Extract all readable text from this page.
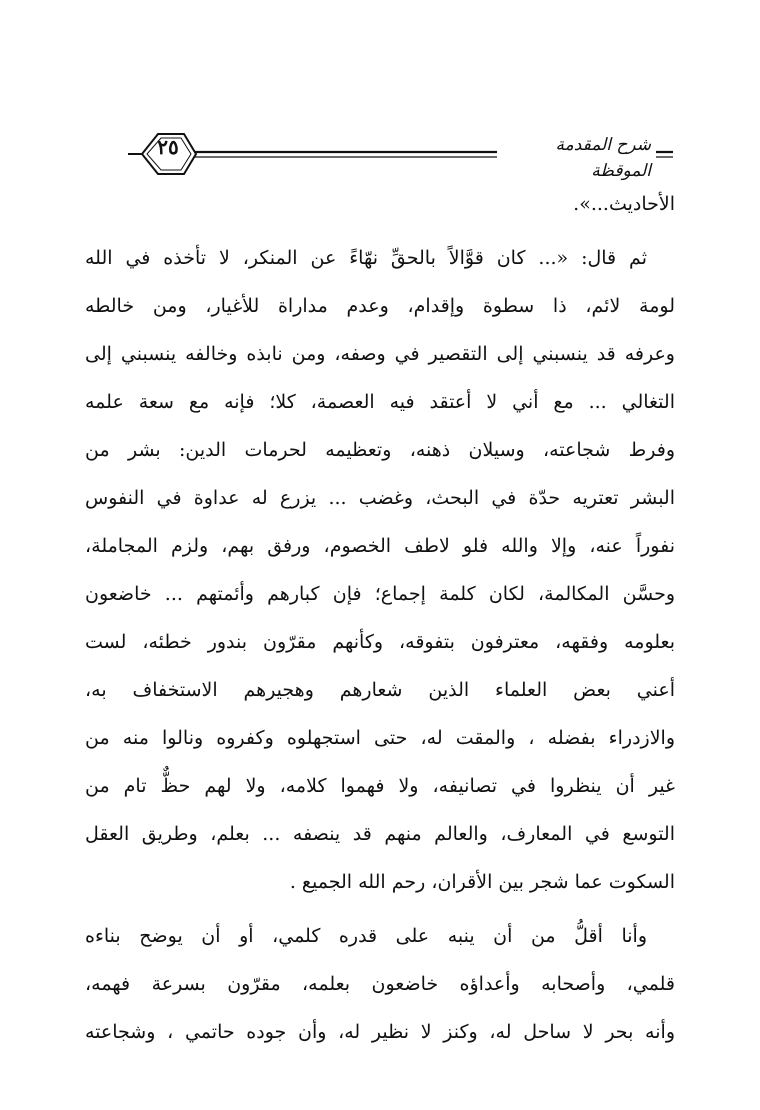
٢٥	شرح المقدمة الموقظة
الأحاديث...».
ثم قال: «... كان قوَّالاً بالحقِّ نهّاءً عن المنكر، لا تأخذه في الله
لومة لائم، ذا سطوة وإقدام، وعدم مداراة للأغيار، ومن خالطه
وعرفه قد ينسبني إلى التقصير في وصفه، ومن نابذه وخالفه ينسبني إلى
التغالي ... مع أني لا أعتقد فيه العصمة، كلا؛ فإنه مع سعة علمه
وفرط شجاعته، وسيلان ذهنه، وتعظيمه لحرمات الدين: بشر من
البشر تعتريه حدّة في البحث، وغضب ... يزرع له عداوة في النفوس
نفوراً عنه، وإلا والله فلو لاطف الخصوم، ورفق بهم، ولزم المجاملة،
وحسَّن المكالمة، لكان كلمة إجماع؛ فإن كبارهم وأئمتهم ... خاضعون
بعلومه وفقهه، معترفون بتفوقه، وكأنهم مقرّون بندور خطئه، لست
أعني بعض العلماء الذين شعارهم وهجيرهم الاستخفاف به،
والازدراء بفضله ، والمقت له، حتى استجهلوه وكفروه ونالوا منه من
غير أن ينظروا في تصانيفه، ولا فهموا كلامه، ولا لهم حظٌّ تام من
التوسع في المعارف، والعالم منهم قد ينصفه ... بعلم، وطريق العقل
السكوت عما شجر بين الأقران، رحم الله الجميع .
وأنا أقلُّ من أن ينبه على قدره كلمي، أو أن يوضح بناءه
قلمي، وأصحابه وأعداؤه خاضعون بعلمه، مقرّون بسرعة فهمه،
وأنه بحر لا ساحل له، وكنز لا نظير له، وأن جوده حاتمي ، وشجاعته
